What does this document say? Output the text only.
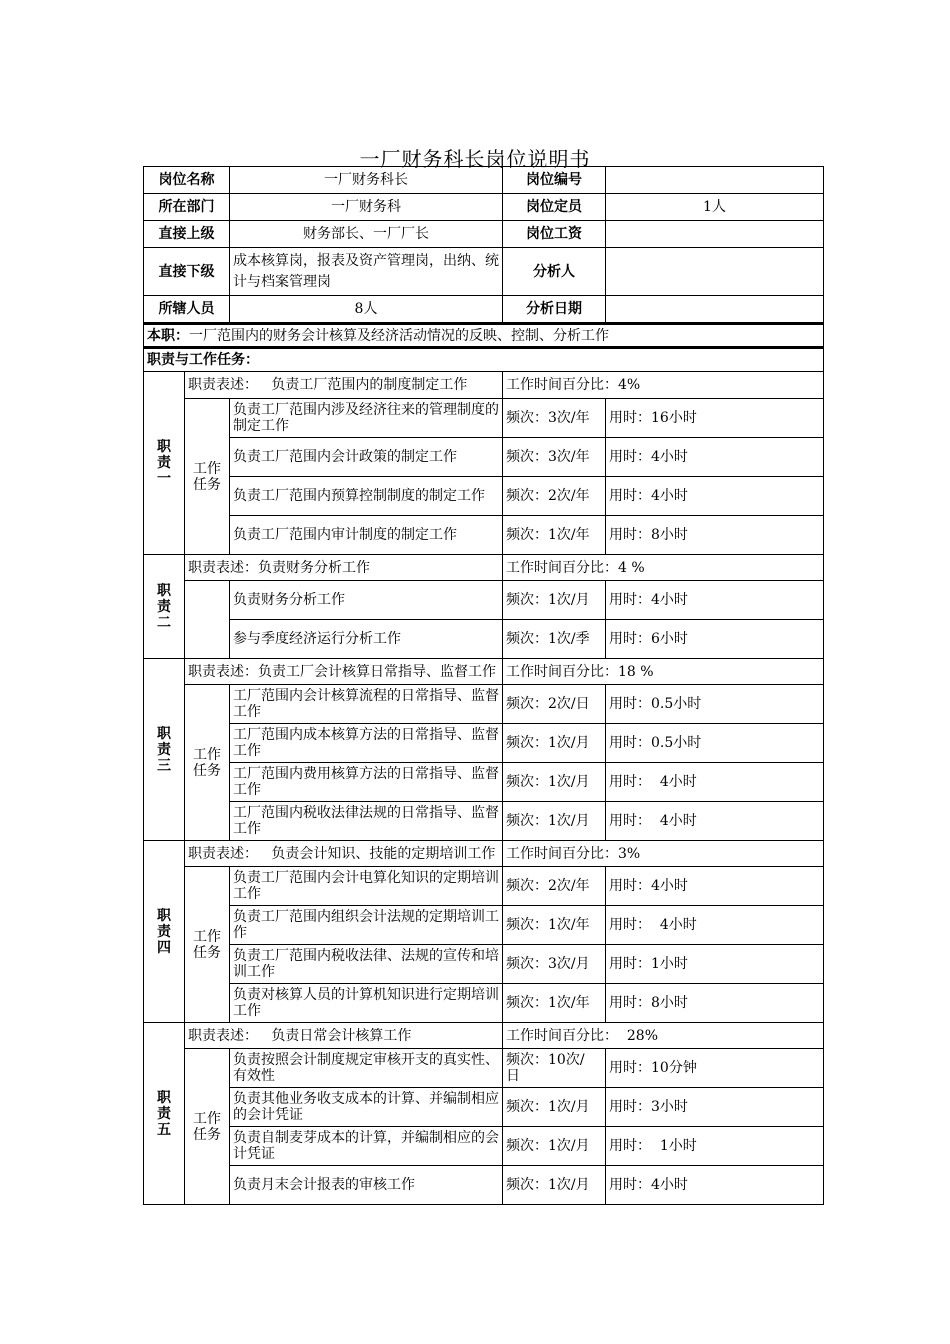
一厂财务科长岗位说明书
岗位名称		一厂财务科长	岗位编号	
所在部门		一厂财务科	岗位定员	1人
直接上级		财务部长、一厂厂长	岗位工资	
直接下级		成本核算岗，报表及资产管理岗，出纳、统计与档案管理岗	分析人	
所辖人员		8人	分析日期	
本职：一厂范围内的财务会计核算及经济活动情况的反映、控制、分析工作				
职责与工作任务：				
职责一	职责表述：   负责工厂范围内的制度制定工作		工作时间百分比：4%	
	工作任务	负责工厂范围内涉及经济往来的管理制度的制定工作	频次：3次/年	用时：16小时
		负责工厂范围内会计政策的制定工作	频次：3次/年	用时：4小时
		负责工厂范围内预算控制制度的制定工作	频次：2次/年	用时：4小时
		负责工厂范围内审计制度的制定工作	频次：1次/年	用时：8小时
职责二	职责表述：负责财务分析工作		工作时间百分比：4 %	
		负责财务分析工作	频次：1次/月	用时：4小时
		参与季度经济运行分析工作	频次：1次/季	用时：6小时
职责三	职责表述：负责工厂会计核算日常指导、监督工作		工作时间百分比：18 %	
	工作任务	工厂范围内会计核算流程的日常指导、监督工作	频次：2次/日	用时：0.5小时
		工厂范围内成本核算方法的日常指导、监督工作	频次：1次/月	用时：0.5小时
		工厂范围内费用核算方法的日常指导、监督工作	频次：1次/月	用时：  4小时
		工厂范围内税收法律法规的日常指导、监督工作	频次：1次/月	用时：  4小时
职责四	职责表述：   负责会计知识、技能的定期培训工作		工作时间百分比：3%	
	工作任务	负责工厂范围内会计电算化知识的定期培训工作	频次：2次/年	用时：4小时
		负责工厂范围内组织会计法规的定期培训工作	频次：1次/年	用时：  4小时
		负责工厂范围内税收法律、法规的宣传和培训工作	频次：3次/月	用时：1小时
		负责对核算人员的计算机知识进行定期培训工作	频次：1次/年	用时：8小时
职责五	职责表述：   负责日常会计核算工作		工作时间百分比：  28%	
	工作任务	负责按照会计制度规定审核开支的真实性、有效性	频次：10次/ 日	用时：10分钟
		负责其他业务收支成本的计算、并编制相应的会计凭证	频次：1次/月	用时：3小时
		负责自制麦芽成本的计算，并编制相应的会计凭证	频次：1次/月	用时：  1小时
		负责月末会计报表的审核工作	频次：1次/月	用时：4小时
